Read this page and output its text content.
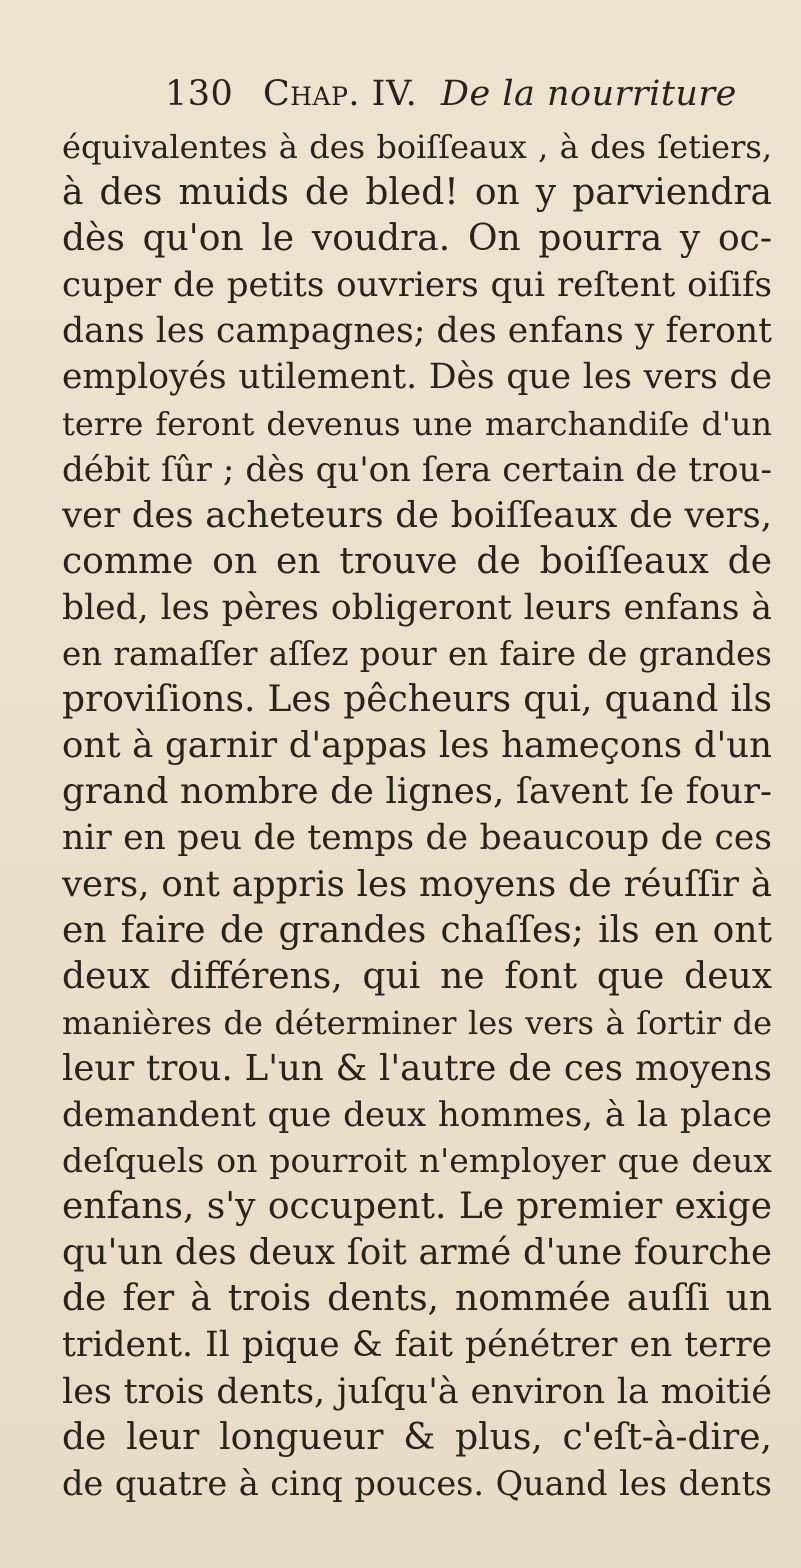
130 Chap. IV. De la nourriture
équivalentes à des boiſſeaux , à des ſetiers,
à des muids de bled! on y parviendra
dès qu'on le voudra. On pourra y oc-
cuper de petits ouvriers qui reſtent oiſifs
dans les campagnes; des enfans y feront
employés utilement. Dès que les vers de
terre feront devenus une marchandiſe d'un
débit ſûr ; dès qu'on ſera certain de trou-
ver des acheteurs de boiſſeaux de vers,
comme on en trouve de boiſſeaux de
bled, les pères obligeront leurs enfans à
en ramaſſer aſſez pour en faire de grandes
proviſions. Les pêcheurs qui, quand ils
ont à garnir d'appas les hameçons d'un
grand nombre de lignes, ſavent ſe four-
nir en peu de temps de beaucoup de ces
vers, ont appris les moyens de réuſſir à
en faire de grandes chaſſes; ils en ont
deux différens, qui ne font que deux
manières de déterminer les vers à ſortir de
leur trou. L'un & l'autre de ces moyens
demandent que deux hommes, à la place
deſquels on pourroit n'employer que deux
enfans, s'y occupent. Le premier exige
qu'un des deux ſoit armé d'une fourche
de fer à trois dents, nommée auſſi un
trident. Il pique & fait pénétrer en terre
les trois dents, juſqu'à environ la moitié
de leur longueur & plus, c'eſt-à-dire,
de quatre à cinq pouces. Quand les dents
